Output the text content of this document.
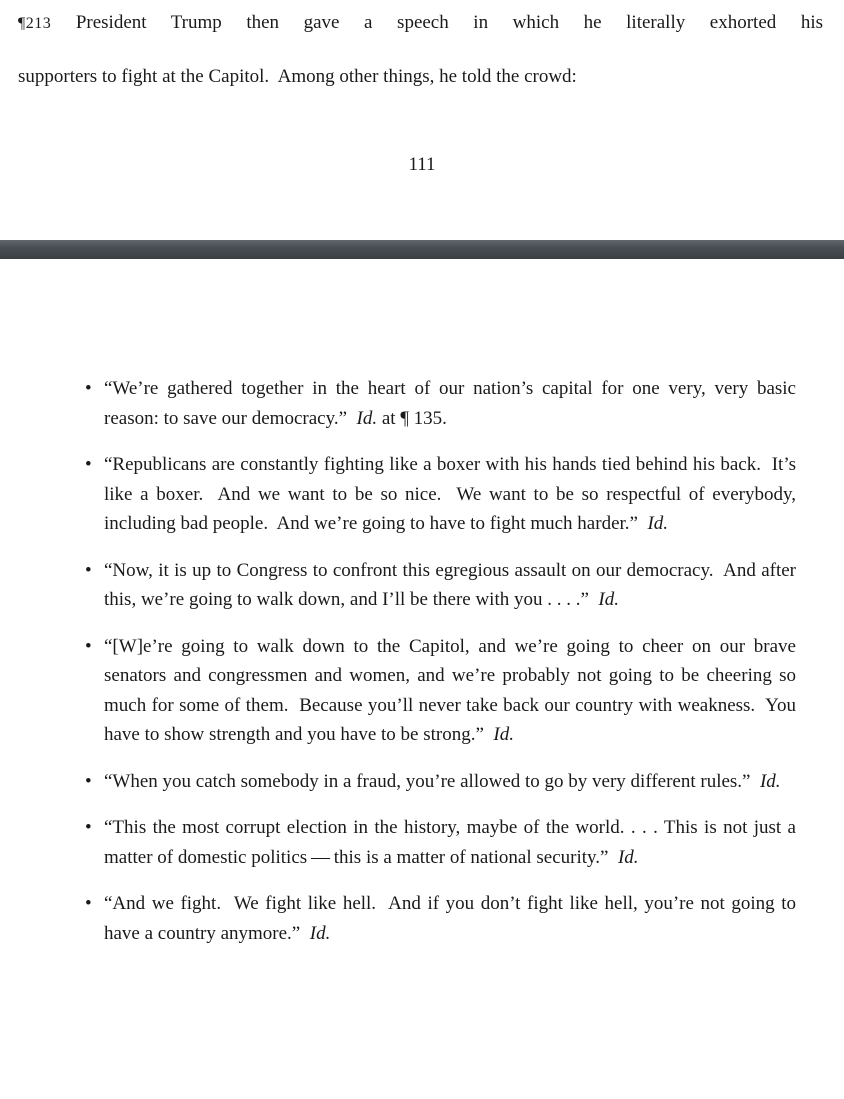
¶213 President Trump then gave a speech in which he literally exhorted his
supporters to fight at the Capitol.  Among other things, he told the crowd:
111
• “We’re gathered together in the heart of our nation’s capital for one very, very basic reason: to save our democracy.” Id. at ¶ 135.
• “Republicans are constantly fighting like a boxer with his hands tied behind his back.  It’s like a boxer.  And we want to be so nice.  We want to be so respectful of everybody, including bad people.  And we’re going to have to fight much harder.” Id.
• “Now, it is up to Congress to confront this egregious assault on our democracy.  And after this, we’re going to walk down, and I’ll be there with you . . . .” Id.
• “[W]e’re going to walk down to the Capitol, and we’re going to cheer on our brave senators and congressmen and women, and we’re probably not going to be cheering so much for some of them.  Because you’ll never take back our country with weakness.  You have to show strength and you have to be strong.” Id.
• “When you catch somebody in a fraud, you’re allowed to go by very different rules.” Id.
• “This the most corrupt election in the history, maybe of the world. . . . This is not just a matter of domestic politics — this is a matter of national security.” Id.
• “And we fight.  We fight like hell.  And if you don’t fight like hell, you’re not going to have a country anymore.” Id.
